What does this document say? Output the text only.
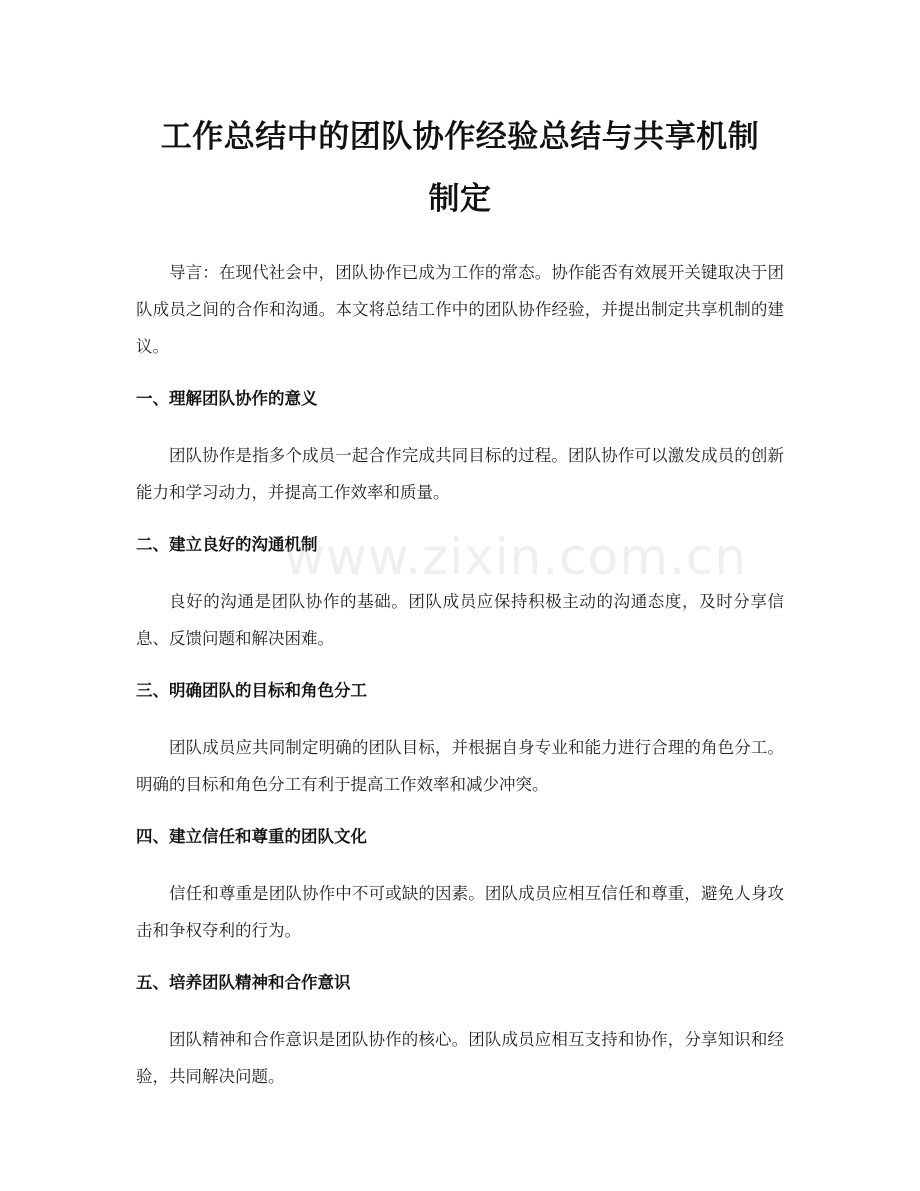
工作总结中的团队协作经验总结与共享机制
制定

导言：在现代社会中，团队协作已成为工作的常态。协作能否有效展开关键取决于团队成员之间的合作和沟通。本文将总结工作中的团队协作经验，并提出制定共享机制的建议。

一、理解团队协作的意义

团队协作是指多个成员一起合作完成共同目标的过程。团队协作可以激发成员的创新能力和学习动力，并提高工作效率和质量。

二、建立良好的沟通机制

良好的沟通是团队协作的基础。团队成员应保持积极主动的沟通态度，及时分享信息、反馈问题和解决困难。

三、明确团队的目标和角色分工

团队成员应共同制定明确的团队目标，并根据自身专业和能力进行合理的角色分工。明确的目标和角色分工有利于提高工作效率和减少冲突。

四、建立信任和尊重的团队文化

信任和尊重是团队协作中不可或缺的因素。团队成员应相互信任和尊重，避免人身攻击和争权夺利的行为。

五、培养团队精神和合作意识

团队精神和合作意识是团队协作的核心。团队成员应相互支持和协作，分享知识和经验，共同解决问题。

www.zixin.com.cn
